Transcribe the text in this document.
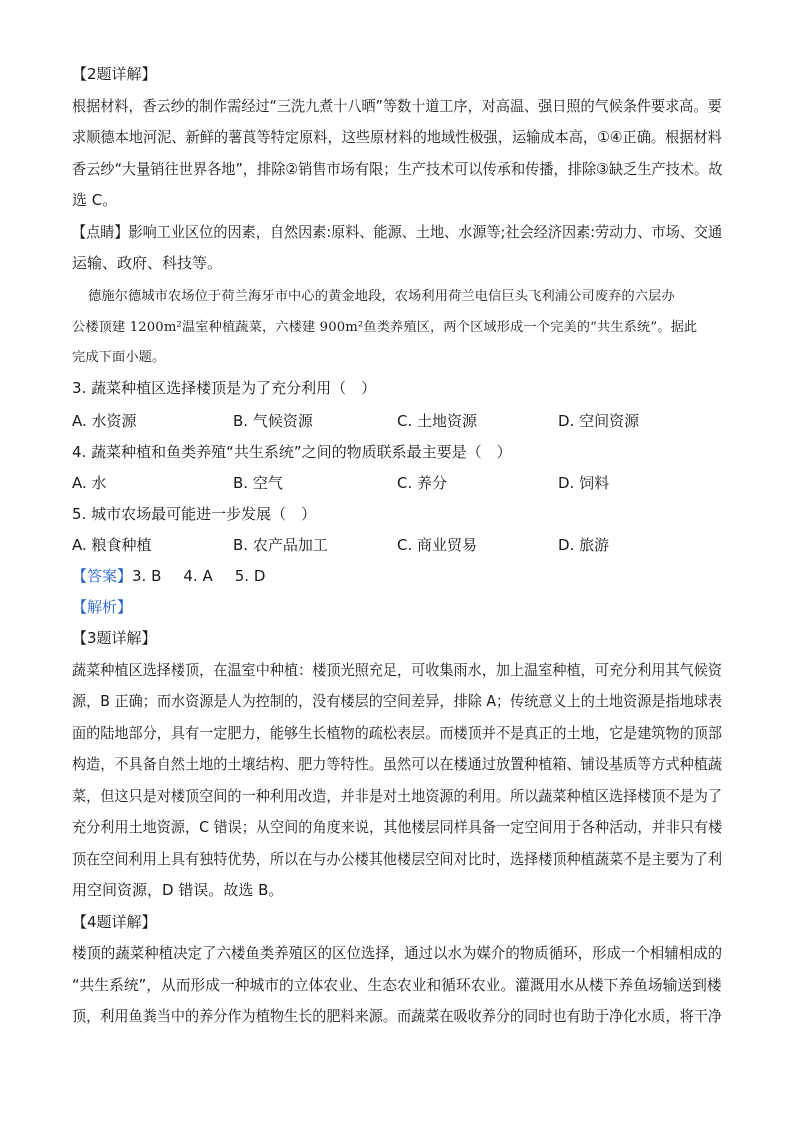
【2题详解】
根据材料，香云纱的制作需经过“三洗九煮十八晒”等数十道工序，对高温、强日照的气候条件要求高。要
求顺德本地河泥、新鲜的薯莨等特定原料，这些原材料的地域性极强，运输成本高，①④正确。根据材料
香云纱“大量销往世界各地”，排除②销售市场有限；生产技术可以传承和传播，排除③缺乏生产技术。故
选 C。
【点睛】影响工业区位的因素，自然因素:原料、能源、土地、水源等;社会经济因素:劳动力、市场、交通
运输、政府、科技等。
德施尔德城市农场位于荷兰海牙市中心的黄金地段，农场利用荷兰电信巨头飞利浦公司废弃的六层办
公楼顶建 1200m²温室种植蔬菜，六楼建 900m²鱼类养殖区，两个区域形成一个完美的“共生系统”。据此
完成下面小题。
3. 蔬菜种植区选择楼顶是为了充分利用（　）
A. 水资源	B. 气候资源	C. 土地资源	D. 空间资源
4. 蔬菜种植和鱼类养殖“共生系统”之间的物质联系最主要是（　）
A. 水	B. 空气	C. 养分	D. 饲料
5. 城市农场最可能进一步发展（　）
A. 粮食种植	B. 农产品加工	C. 商业贸易	D. 旅游
【答案】3. B 4. A 5. D
【解析】
【3题详解】
蔬菜种植区选择楼顶，在温室中种植：楼顶光照充足，可收集雨水，加上温室种植，可充分利用其气候资
源，B 正确；而水资源是人为控制的，没有楼层的空间差异，排除 A；传统意义上的土地资源是指地球表
面的陆地部分，具有一定肥力，能够生长植物的疏松表层。而楼顶并不是真正的土地，它是建筑物的顶部
构造，不具备自然土地的土壤结构、肥力等特性。虽然可以在楼通过放置种植箱、铺设基质等方式种植蔬
菜，但这只是对楼顶空间的一种利用改造，并非是对土地资源的利用。所以蔬菜种植区选择楼顶不是为了
充分利用土地资源，C 错误；从空间的角度来说，其他楼层同样具备一定空间用于各种活动，并非只有楼
顶在空间利用上具有独特优势，所以在与办公楼其他楼层空间对比时，选择楼顶种植蔬菜不是主要为了利
用空间资源，D 错误。故选 B。
【4题详解】
楼顶的蔬菜种植决定了六楼鱼类养殖区的区位选择，通过以水为媒介的物质循环，形成一个相辅相成的
“共生系统”，从而形成一种城市的立体农业、生态农业和循环农业。灌溉用水从楼下养鱼场输送到楼
顶，利用鱼粪当中的养分作为植物生长的肥料来源。而蔬菜在吸收养分的同时也有助于净化水质，将干净
